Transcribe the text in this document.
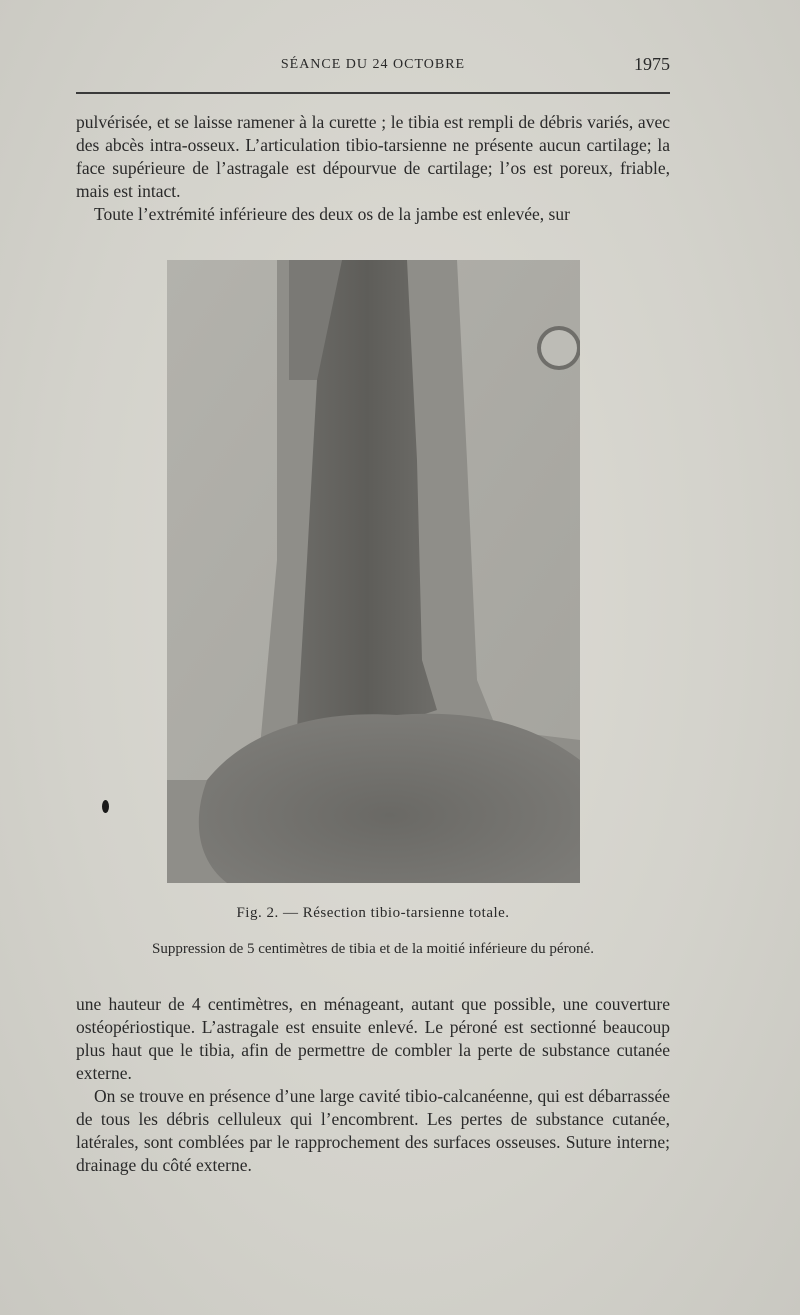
SÉANCE DU 24 OCTOBRE	1975

pulvérisée, et se laisse ramener à la curette ; le tibia est rempli de débris variés, avec des abcès intra-osseux. L’articulation tibio-tarsienne ne présente aucun cartilage; la face supérieure de l’astragale est dépourvue de cartilage; l’os est poreux, friable, mais est intact.

Toute l’extrémité inférieure des deux os de la jambe est enlevée, sur

Fig. 2. — Résection tibio-tarsienne totale.
Suppression de 5 centimètres de tibia et de la moitié inférieure du péroné.

une hauteur de 4 centimètres, en ménageant, autant que possible, une couverture ostéopériostique. L’astragale est ensuite enlevé. Le péroné est sectionné beaucoup plus haut que le tibia, afin de permettre de combler la perte de substance cutanée externe.

On se trouve en présence d’une large cavité tibio-calcanéenne, qui est débarrassée de tous les débris celluleux qui l’encombrent. Les pertes de substance cutanée, latérales, sont comblées par le rapprochement des surfaces osseuses. Suture interne; drainage du côté externe.
